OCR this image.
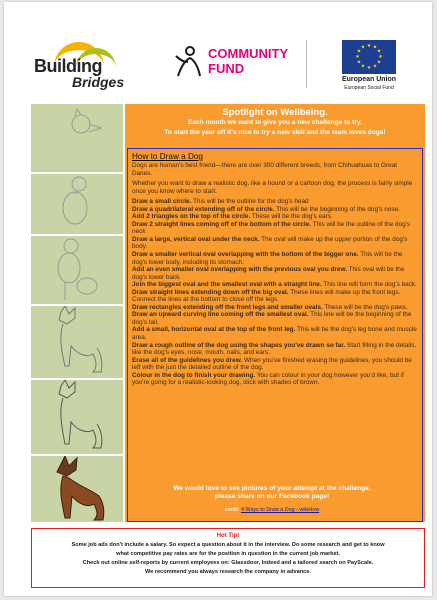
Building
Bridges
COMMUNITY
FUND
★ ★
★
★
★
★
★
★
★
★
★
★
European Union
European Social Fund
Spotlight on Wellbeing.
Each month we want to give you a new challenge to try.
To start the year off it's nice to try a new skill and the team loves dogs!
How to Draw a Dog

Dogs are human's best friend—there are over 300 different breeds, from Chihuahuas to Great Danes.

Whether you want to draw a realistic dog, like a hound or a cartoon dog, the process is fairly simple once you know where to start.

Draw a small circle. This will be the outline for the dog's head
Draw a quadrilateral extending off of the circle. This will be the beginning of the dog's nose.
Add 2 triangles on the top of the circle. These will be the dog's ears.
Draw 2 straight lines coming off of the bottom of the circle. This will be the outline of the dog's neck
Draw a large, vertical oval under the neck. The oval will make up the upper portion of the dog's body.
Draw a smaller vertical oval overlapping with the bottom of the bigger one. This will be the dog's lower body, including its stomach.
Add an even smaller oval overlapping with the previous oval you drew. This oval will be the dog's lower back.
Join the biggest oval and the smallest oval with a straight line. This line will form the dog's back.
Draw straight lines extending down off the big oval. These lines will make up the front legs. Connect the lines at the bottom to close off the legs.
Draw rectangles extending off the front legs and smaller ovals. These will be the dog's paws.
Draw an upward curving line coming off the smallest oval. This line will be the beginning of the dog's tail.
Add a small, horizontal oval at the top of the front leg. This will be the dog's leg bone and muscle area.
Draw a rough outline of the dog using the shapes you've drawn so far. Start filling in the details, like the dog's eyes, nose, mouth, nails, and ears.
Erase all of the guidelines you drew. When you've finished erasing the guidelines, you should be left with the just the detailed outline of the dog.
Colour in the dog to finish your drawing. You can colour in your dog however you'd like, but if you're going for a realistic-looking dog, stick with shades of brown.
We would love to see pictures of your attempt at the challenge,
please share on our Facebook page!
credit: 4 Ways to Draw a Dog - wikiHow
Hot Tip!
Some job ads don't include a salary. So expect a question about it in the interview. Do some research and get to know
what competitive pay rates are for the position in question in the current job market.
Check out online self-reports by current employees on: Glassdoor, Indeed and a tailored search on PayScale.
We recommend you always research the company in advance.
